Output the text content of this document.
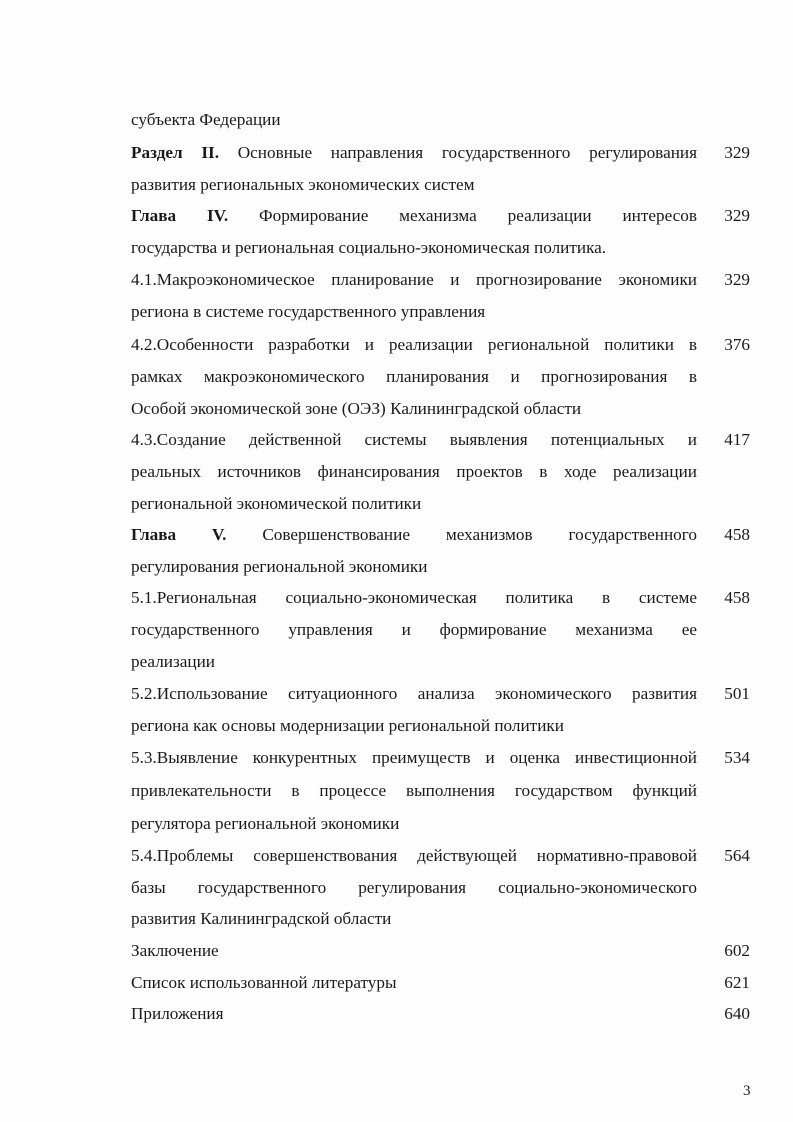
субъекта Федерации
Раздел II. Основные направления государственного регулирования 329
развития региональных экономических систем
Глава IV. Формирование механизма реализации интересов 329
государства и региональная социально-экономическая политика.
4.1.Макроэкономическое планирование и прогнозирование экономики 329
региона в системе государственного управления
4.2.Особенности разработки и реализации региональной политики в 376
рамках макроэкономического планирования и прогнозирования в
Особой экономической зоне (ОЭЗ) Калининградской области
4.3.Создание действенной системы выявления потенциальных и 417
реальных источников финансирования проектов в ходе реализации
региональной экономической политики
Глава V. Совершенствование механизмов государственного 458
регулирования региональной экономики
5.1.Региональная социально-экономическая политика в системе 458
государственного управления и формирование механизма ее
реализации
5.2.Использование ситуационного анализа экономического развития 501
региона как основы модернизации региональной политики
5.3.Выявление конкурентных преимуществ и оценка инвестиционной 534
привлекательности в процессе выполнения государством функций
регулятора региональной экономики
5.4.Проблемы совершенствования действующей нормативно-правовой 564
базы государственного регулирования социально-экономического
развития Калининградской области
Заключение	602
Список использованной литературы	621
Приложения	640
3
